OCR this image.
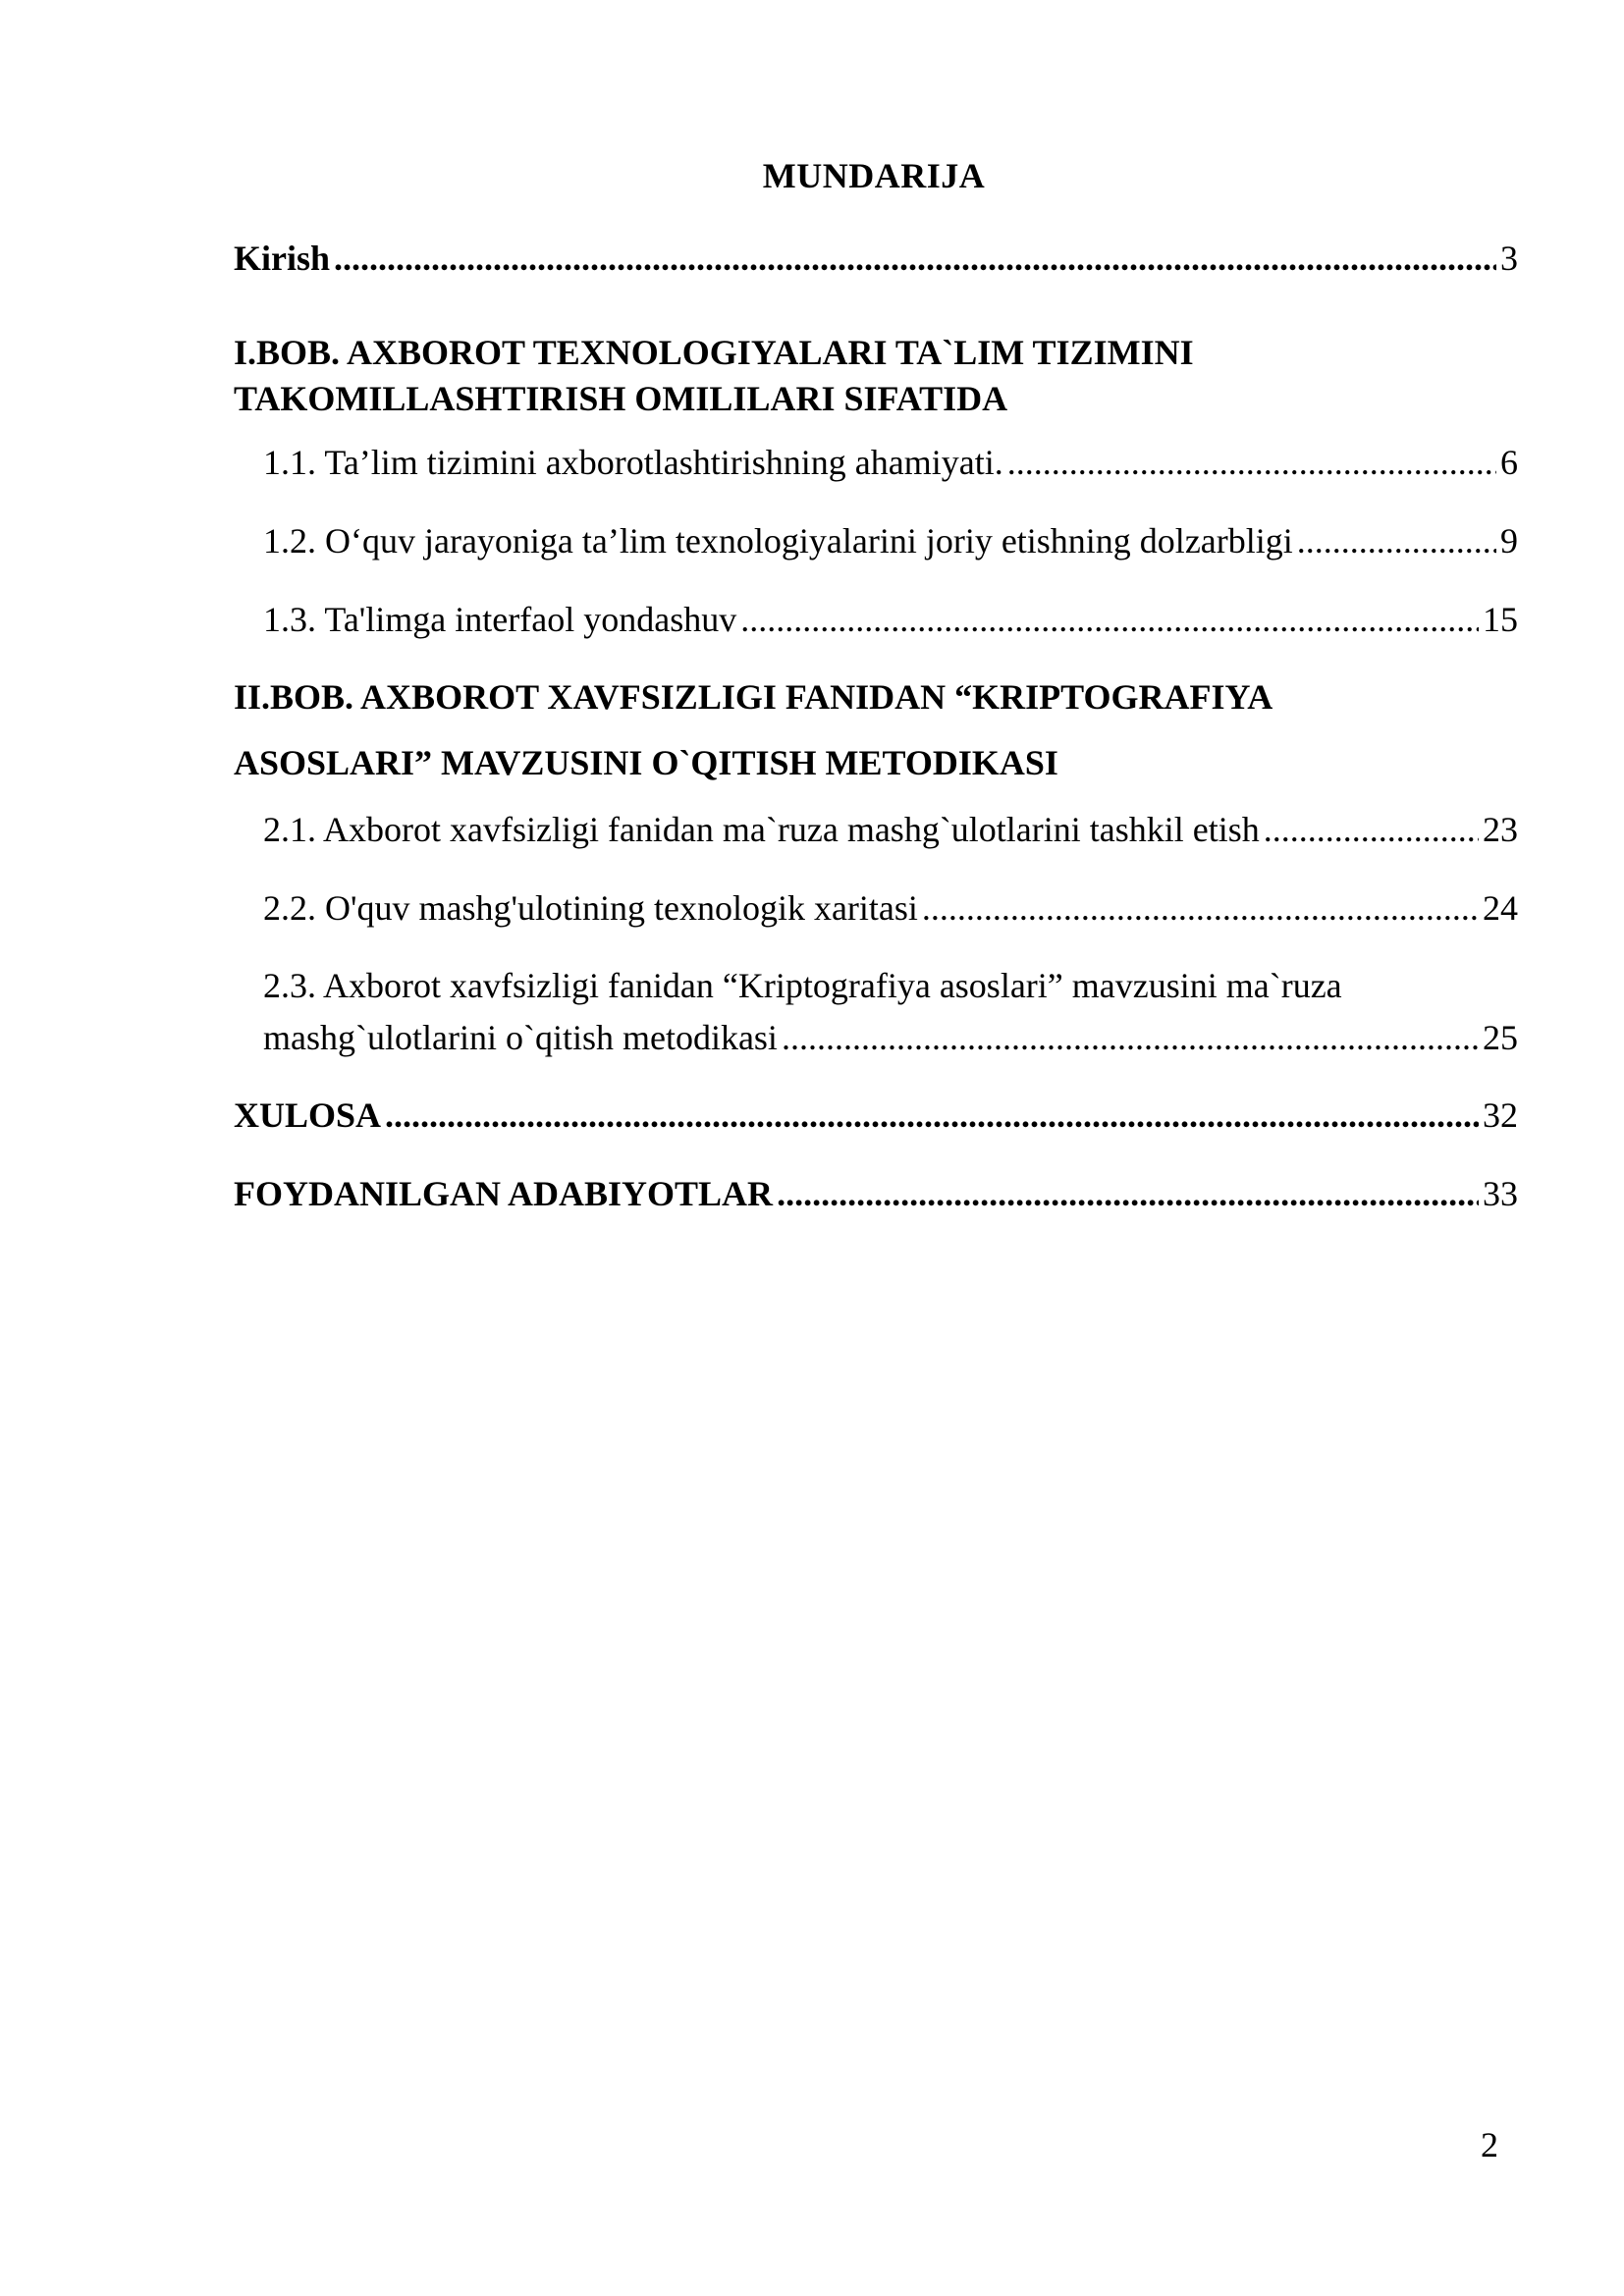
MUNDARIJA
Kirish .....	3
I.BOB. AXBOROT TEXNOLOGIYALARI TA`LIM TIZIMINI
TAKOMILLASHTIRISH OMILILARI SIFATIDA
1.1. Ta’lim tizimini axborotlashtirishning ahamiyati. .....	6
1.2. O‘quv jarayoniga ta’lim texnologiyalarini joriy etishning dolzarbligi .....	9
1.3. Ta'limga interfaol yondashuv .....	15
II.BOB. AXBOROT XAVFSIZLIGI FANIDAN “KRIPTOGRAFIYA
ASOSLARI” MAVZUSINI O`QITISH METODIKASI
2.1. Axborot xavfsizligi fanidan ma`ruza mashg`ulotlarini tashkil etish .....	23
2.2. O'quv mashg'ulotining texnologik xaritasi .....	24
2.3. Axborot xavfsizligi fanidan “Kriptografiya asoslari” mavzusini ma`ruza
mashg`ulotlarini o`qitish metodikasi .....	25
XULOSA .....	32
FOYDANILGAN ADABIYOTLAR .....	33
2
